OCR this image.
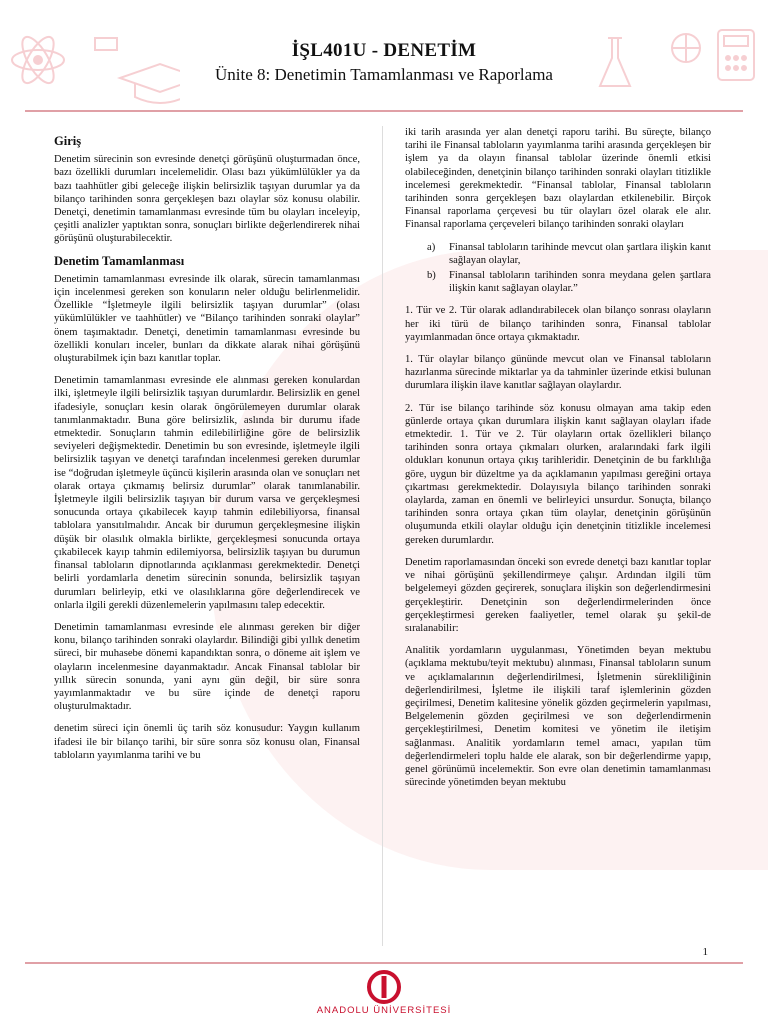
İŞL401U - DENETİM
Ünite 8: Denetimin Tamamlanması ve Raporlama
Giriş

Denetim sürecinin son evresinde denetçi görüşünü oluşturmadan önce, bazı özellikli durumları incelemelidir. Olası bazı yükümlülükler ya da bazı taahhütler gibi geleceğe ilişkin belirsizlik taşıyan durumlar ya da bilanço tarihinden sonra gerçekleşen bazı olaylar söz konusu olabilir. Denetçi, denetimin tamamlanması evresinde tüm bu olayları inceleyip, çeşitli analizler yaptıktan sonra, sonuçları birlikte değerlendirerek nihai görüşünü oluşturabilecektir.

Denetim Tamamlanması

Denetimin tamamlanması evresinde ilk olarak, sürecin tamamlanması için incelenmesi gereken son konuların neler olduğu belirlenmelidir. Özellikle “İşletmeyle ilgili belirsizlik taşıyan durumlar” (olası yükümlülükler ve taahhütler) ve “Bilanço tarihinden sonraki olaylar” önem taşımaktadır. Denetçi, denetimin tamamlanması evresinde bu özellikli konuları inceler, bunları da dikkate alarak nihai görüşünü oluşturabilmek için bazı kanıtlar toplar.

Denetimin tamamlanması evresinde ele alınması gereken konulardan ilki, işletmeyle ilgili belirsizlik taşıyan durumlardır. Belirsizlik en genel ifadesiyle, sonuçları kesin olarak öngörülemeyen durumlar olarak tanımlanmaktadır. Buna göre belirsizlik, aslında bir durumu ifade etmektedir. Sonuçların tahmin edilebilirliğine göre de belirsizlik seviyeleri değişmektedir. Denetimin bu son evresinde, işletmeyle ilgili belirsizlik taşıyan ve denetçi tarafından incelenmesi gereken durumlar ise “doğrudan işletmeyle üçüncü kişilerin arasında olan ve sonuçları net olarak ortaya çıkmamış belirsiz durumlar” olarak tanımlanabilir. İşletmeyle ilgili belirsizlik taşıyan bir durum varsa ve gerçekleşmesi sonucunda ortaya çıkabilecek kayıp tahmin edilebiliyorsa, finansal tablolara yansıtılmalıdır. Ancak bir durumun gerçekleşmesine ilişkin düşük bir olasılık olmakla birlikte, gerçekleşmesi sonucunda ortaya çıkabilecek kayıp tahmin edilemiyorsa, belirsizlik taşıyan bu durumun finansal tabloların dipnotlarında açıklanması gerekmektedir. Denetçi belirli yordamlarla denetim sürecinin sonunda, belirsizlik taşıyan durumları belirleyip, etki ve olasılıklarına göre değerlendirecek ve onlarla ilgili gerekli düzenlemelerin yapılmasını talep edecektir.

Denetimin tamamlanması evresinde ele alınması gereken bir diğer konu, bilanço tarihinden sonraki olaylardır. Bilindiği gibi yıllık denetim süreci, bir muhasebe dönemi kapandıktan sonra, o döneme ait işlem ve olayların incelenmesine dayanmaktadır. Ancak Finansal tablolar bir yıllık sürecin sonunda, yani aynı gün değil, bir süre sonra yayımlanmaktadır ve bu süre içinde de denetçi raporu oluşturulmaktadır.

denetim süreci için önemli üç tarih söz konusudur: Yaygın kullanım ifadesi ile bir bilanço tarihi, bir süre sonra söz konusu olan, Finansal tabloların yayımlanma tarihi ve bu

iki tarih arasında yer alan denetçi raporu tarihi. Bu süreçte, bilanço tarihi ile Finansal tabloların yayımlanma tarihi arasında gerçekleşen bir işlem ya da olayın finansal tablolar üzerinde önemli etkisi olabileceğinden, denetçinin bilanço tarihinden sonraki olayları titizlikle incelemesi gerekmektedir. “Finansal tablolar, Finansal tabloların tarihinden sonra gerçekleşen bazı olaylardan etkilenebilir. Birçok Finansal raporlama çerçevesi bu tür olayları özel olarak ele alır. Finansal raporlama çerçeveleri bilanço tarihinden sonraki olayları

a)	Finansal tabloların tarihinde mevcut olan şartlara ilişkin kanıt sağlayan olaylar,
b)	Finansal tabloların tarihinden sonra meydana gelen şartlara ilişkin kanıt sağlayan olaylar.”

1. Tür ve 2. Tür olarak adlandırabilecek olan bilanço sonrası olayların her iki türü de bilanço tarihinden sonra, Finansal tablolar yayımlanmadan önce ortaya çıkmaktadır.

1. Tür olaylar bilanço gününde mevcut olan ve Finansal tabloların hazırlanma sürecinde miktarlar ya da tahminler üzerinde etkisi bulunan durumlara ilişkin ilave kanıtlar sağlayan olaylardır.

2. Tür ise bilanço tarihinde söz konusu olmayan ama takip eden günlerde ortaya çıkan durumlara ilişkin kanıt sağlayan olayları ifade etmektedir. 1. Tür ve 2. Tür olayların ortak özellikleri bilanço tarihinden sonra ortaya çıkmaları olurken, aralarındaki fark ilgili oldukları konunun ortaya çıkış tarihleridir. Denetçinin de bu farklılığa göre, uygun bir düzeltme ya da açıklamanın yapılması gereğini ortaya çıkartması gerekmektedir. Dolayısıyla bilanço tarihinden sonraki olaylarda, zaman en önemli ve belirleyici unsurdur. Sonuçta, bilanço tarihinden sonra ortaya çıkan tüm olaylar, denetçinin görüşünün oluşumunda etkili olaylar olduğu için denetçinin titizlikle incelemesi gereken durumlardır.

Denetim raporlamasından önceki son evrede denetçi bazı kanıtlar toplar ve nihai görüşünü şekillendirmeye çalışır. Ardından ilgili tüm belgelemeyi gözden geçirerek, sonuçlara ilişkin son değerlendirmesini gerçekleştirir. Denetçinin son değerlendirmelerinden önce gerçekleştirmesi gereken faaliyetler, temel olarak şu şekil-de sıralanabilir:

Analitik yordamların uygulanması, Yönetimden beyan mektubu (açıklama mektubu/teyit mektubu) alınması, Finansal tabloların sunum ve açıklamalarının değerlendirilmesi, İşletmenin sürekliliğinin değerlendirilmesi, İşletme ile ilişkili taraf işlemlerinin gözden geçirilmesi, Denetim kalitesine yönelik gözden geçirmelerin yapılması, Belgelemenin gözden geçirilmesi ve son değerlendirmenin gerçekleştirilmesi, Denetim komitesi ve yönetim ile iletişim sağlanması. Analitik yordamların temel amacı, yapılan tüm değerlendirmeleri toplu halde ele alarak, son bir değerlendirme yapıp, genel görünümü incelemektir. Son evre olan denetimin tamamlanması sürecinde yönetimden beyan mektubu

1
ANADOLU ÜNİVERSİTESİ
